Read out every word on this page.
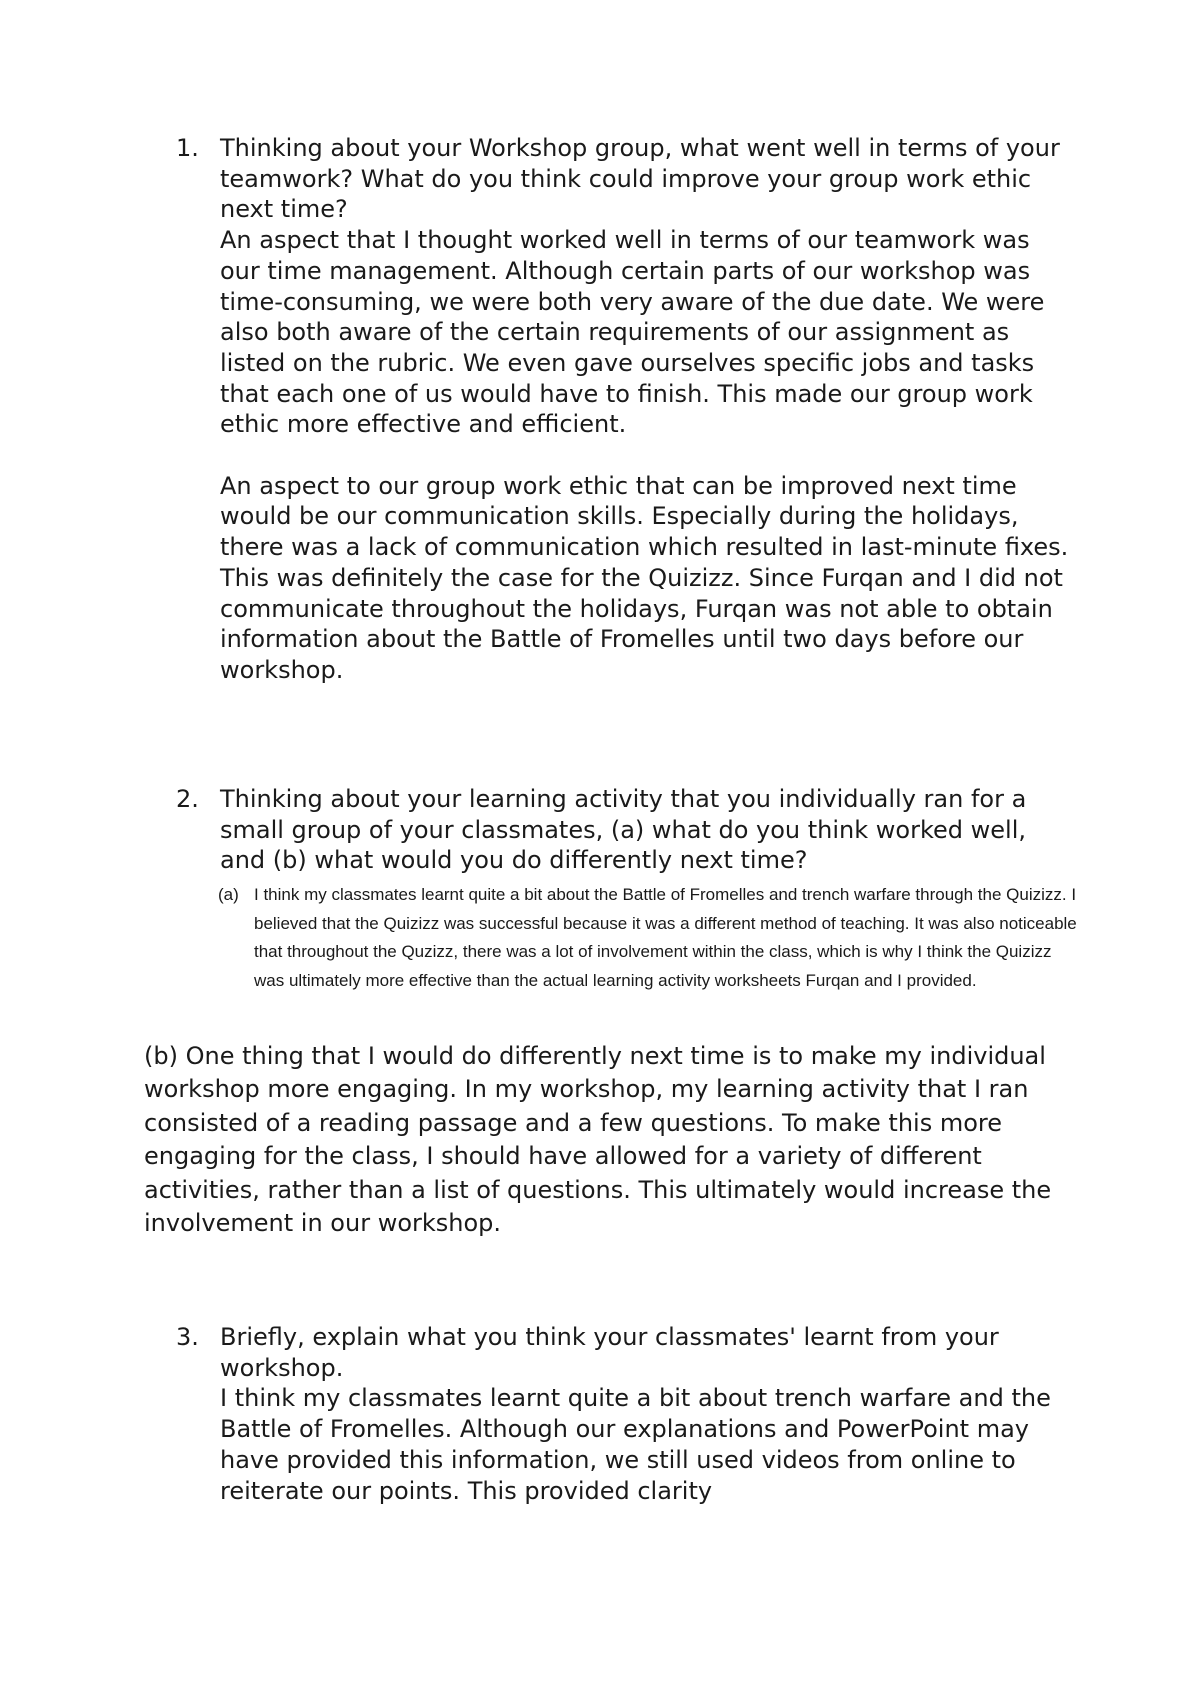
1. Thinking about your Workshop group, what went well in terms of your teamwork? What do you think could improve your group work ethic next time?

An aspect that I thought worked well in terms of our teamwork was our time management. Although certain parts of our workshop was time-consuming, we were both very aware of the due date. We were also both aware of the certain requirements of our assignment as listed on the rubric. We even gave ourselves specific jobs and tasks that each one of us would have to finish. This made our group work ethic more effective and efficient.

An aspect to our group work ethic that can be improved next time would be our communication skills. Especially during the holidays, there was a lack of communication which resulted in last-minute fixes. This was definitely the case for the Quizizz. Since Furqan and I did not communicate throughout the holidays, Furqan was not able to obtain information about the Battle of Fromelles until two days before our workshop.

2. Thinking about your learning activity that you individually ran for a small group of your classmates, (a) what do you think worked well, and (b) what would you do differently next time?

(a) I think my classmates learnt quite a bit about the Battle of Fromelles and trench warfare through the Quizizz. I believed that the Quizizz was successful because it was a different method of teaching. It was also noticeable that throughout the Quzizz, there was a lot of involvement within the class, which is why I think the Quizizz was ultimately more effective than the actual learning activity worksheets Furqan and I provided.

(b) One thing that I would do differently next time is to make my individual workshop more engaging. In my workshop, my learning activity that I ran consisted of a reading passage and a few questions. To make this more engaging for the class, I should have allowed for a variety of different activities, rather than a list of questions. This ultimately would increase the involvement in our workshop.

3. Briefly, explain what you think your classmates' learnt from your workshop.

I think my classmates learnt quite a bit about trench warfare and the Battle of Fromelles. Although our explanations and PowerPoint may have provided this information, we still used videos from online to reiterate our points. This provided clarity
